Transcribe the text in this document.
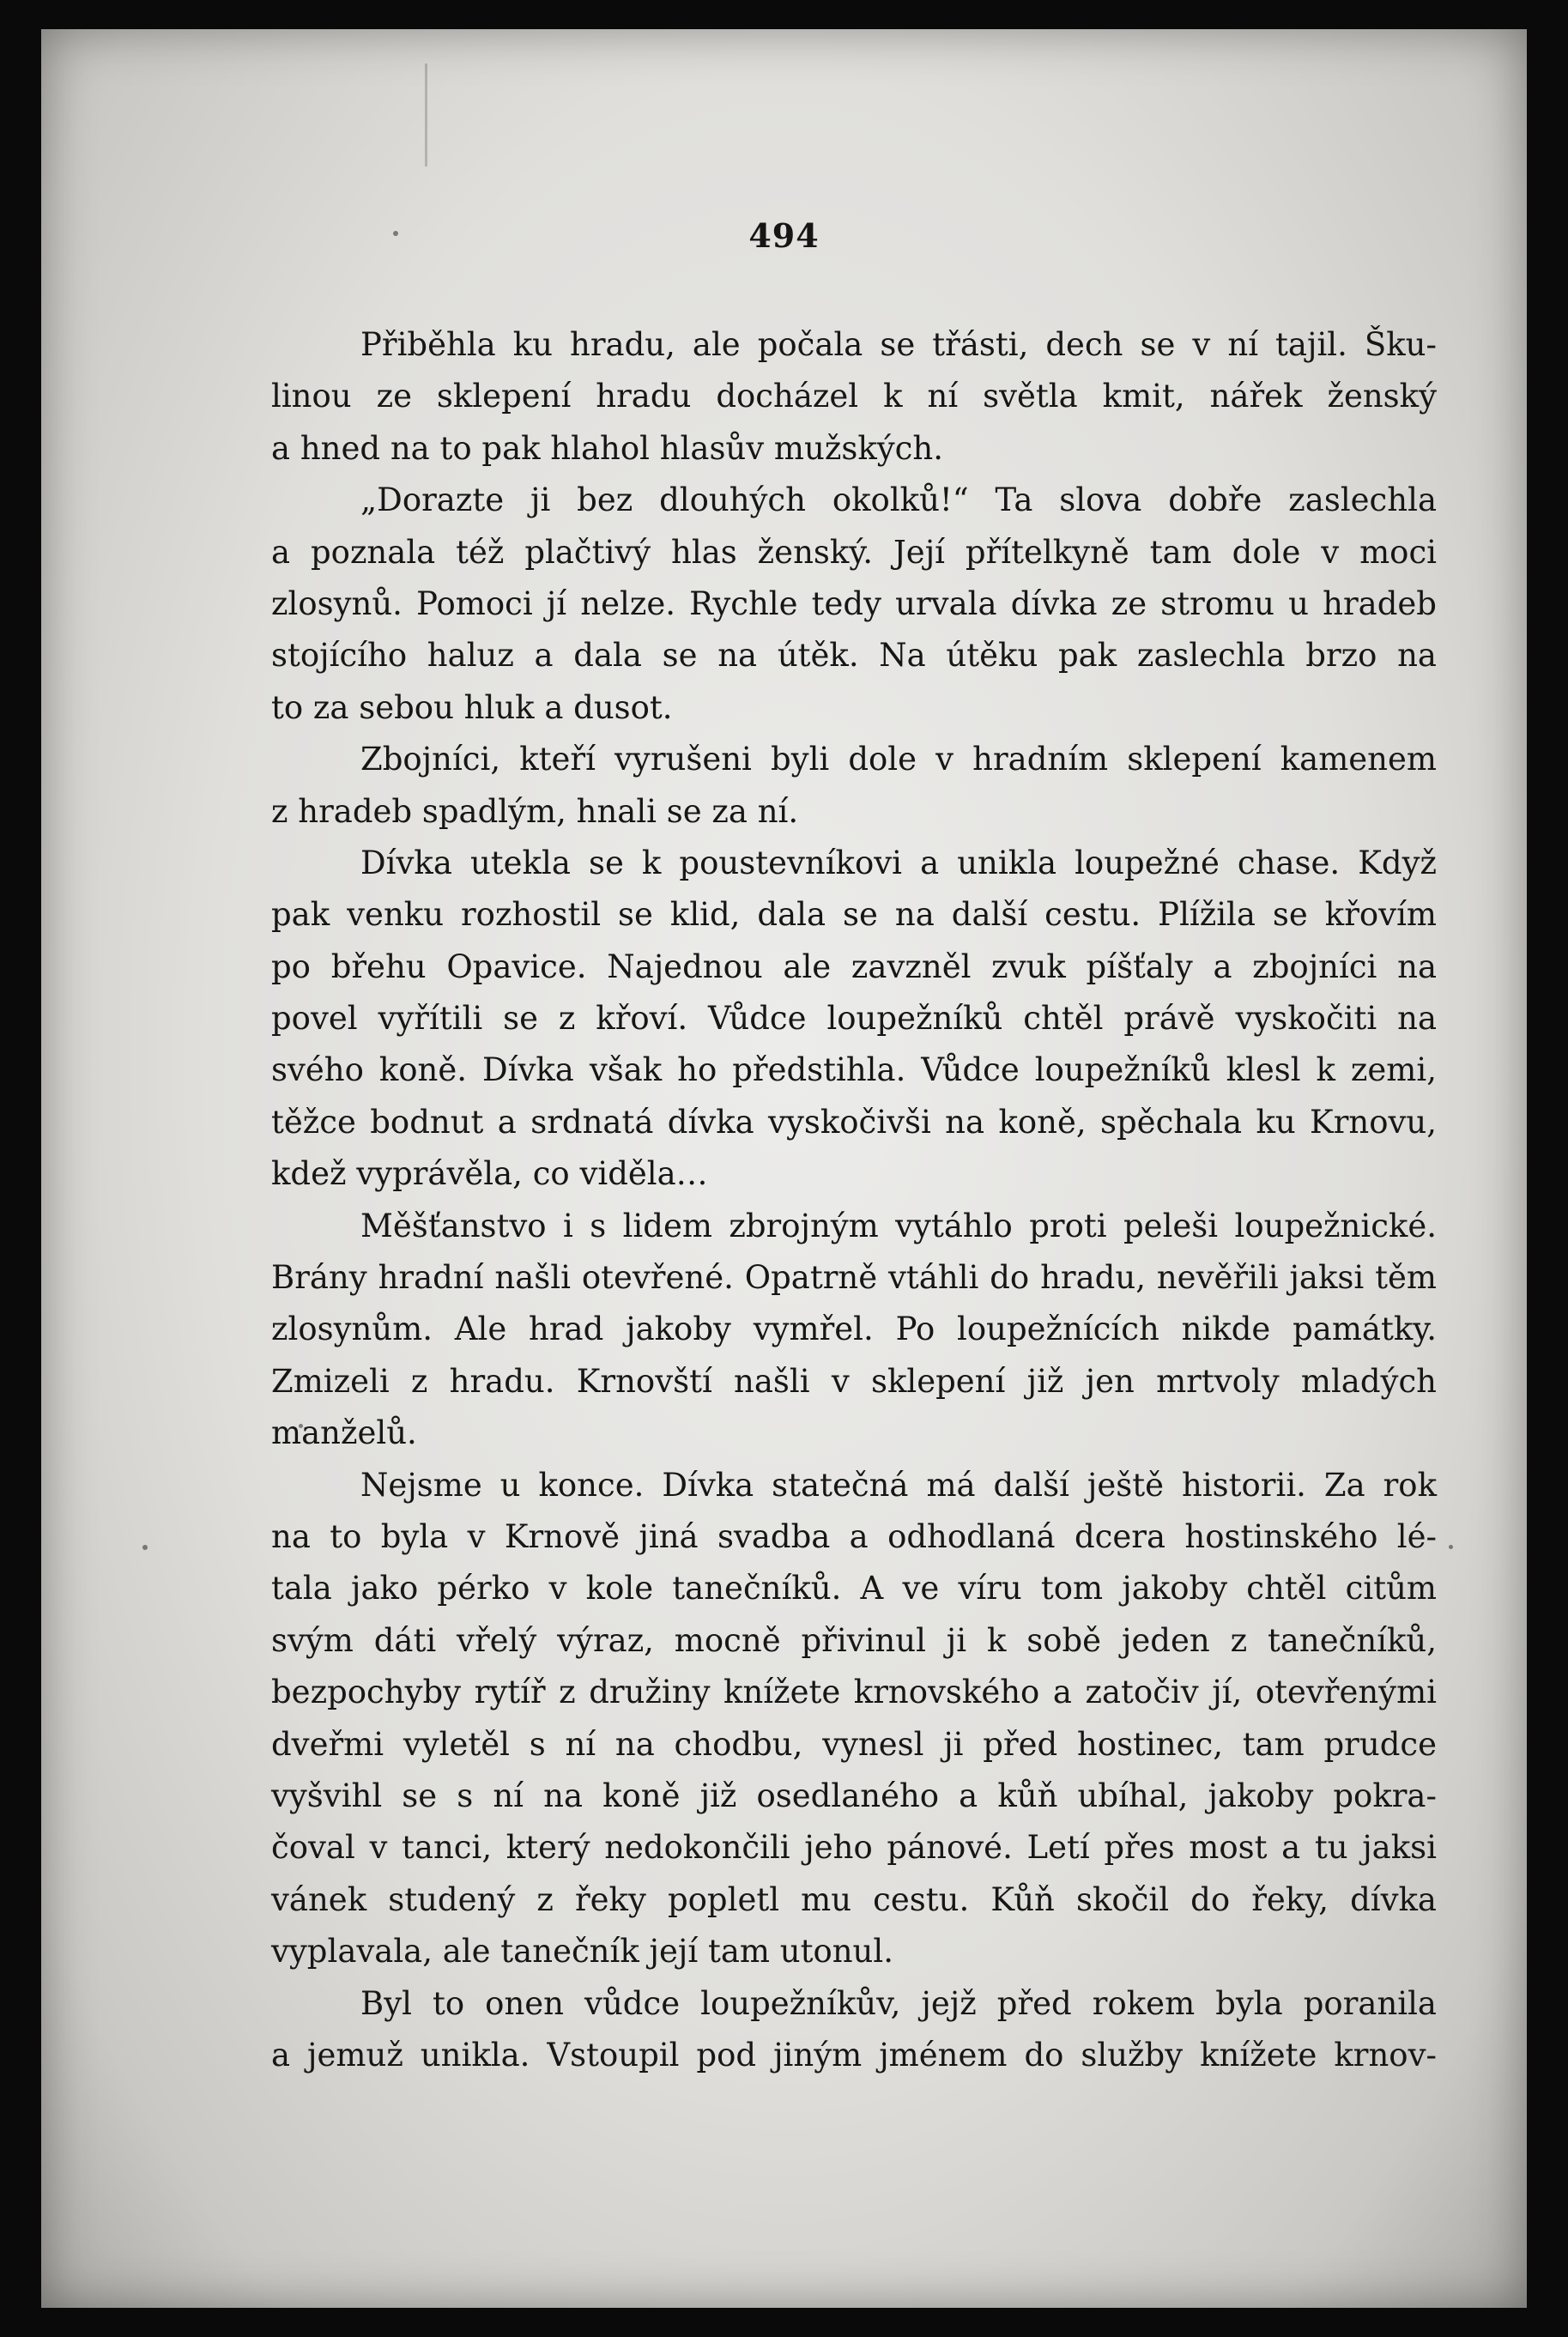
494
Přiběhla ku hradu, ale počala se třásti, dech se v ní tajil. Šku-
linou ze sklepení hradu docházel k ní světla kmit, nářek ženský
a hned na to pak hlahol hlasův mužských.
„Dorazte ji bez dlouhých okolků!“ Ta slova dobře zaslechla
a poznala též plačtivý hlas ženský. Její přítelkyně tam dole v moci
zlosynů. Pomoci jí nelze. Rychle tedy urvala dívka ze stromu u hradeb
stojícího haluz a dala se na útěk. Na útěku pak zaslechla brzo na
to za sebou hluk a dusot.
Zbojníci, kteří vyrušeni byli dole v hradním sklepení kamenem
z hradeb spadlým, hnali se za ní.
Dívka utekla se k poustevníkovi a unikla loupežné chase. Když
pak venku rozhostil se klid, dala se na další cestu. Plížila se křovím
po břehu Opavice. Najednou ale zavzněl zvuk píšťaly a zbojníci na
povel vyřítili se z křoví. Vůdce loupežníků chtěl právě vyskočiti na
svého koně. Dívka však ho předstihla. Vůdce loupežníků klesl k zemi,
těžce bodnut a srdnatá dívka vyskočivši na koně, spěchala ku Krnovu,
kdež vyprávěla, co viděla…
Měšťanstvo i s lidem zbrojným vytáhlo proti peleši loupežnické.
Brány hradní našli otevřené. Opatrně vtáhli do hradu, nevěřili jaksi těm
zlosynům. Ale hrad jakoby vymřel. Po loupežnících nikde památky.
Zmizeli z hradu. Krnovští našli v sklepení již jen mrtvoly mladých
manželů.
Nejsme u konce. Dívka statečná má další ještě historii. Za rok
na to byla v Krnově jiná svadba a odhodlaná dcera hostinského lé-
tala jako pérko v kole tanečníků. A ve víru tom jakoby chtěl citům
svým dáti vřelý výraz, mocně přivinul ji k sobě jeden z tanečníků,
bezpochyby rytíř z družiny knížete krnovského a zatočiv jí, otevřenými
dveřmi vyletěl s ní na chodbu, vynesl ji před hostinec, tam prudce
vyšvihl se s ní na koně již osedlaného a kůň ubíhal, jakoby pokra-
čoval v tanci, který nedokončili jeho pánové. Letí přes most a tu jaksi
vánek studený z řeky popletl mu cestu. Kůň skočil do řeky, dívka
vyplavala, ale tanečník její tam utonul.
Byl to onen vůdce loupežníkův, jejž před rokem byla poranila
a jemuž unikla. Vstoupil pod jiným jménem do služby knížete krnov-
